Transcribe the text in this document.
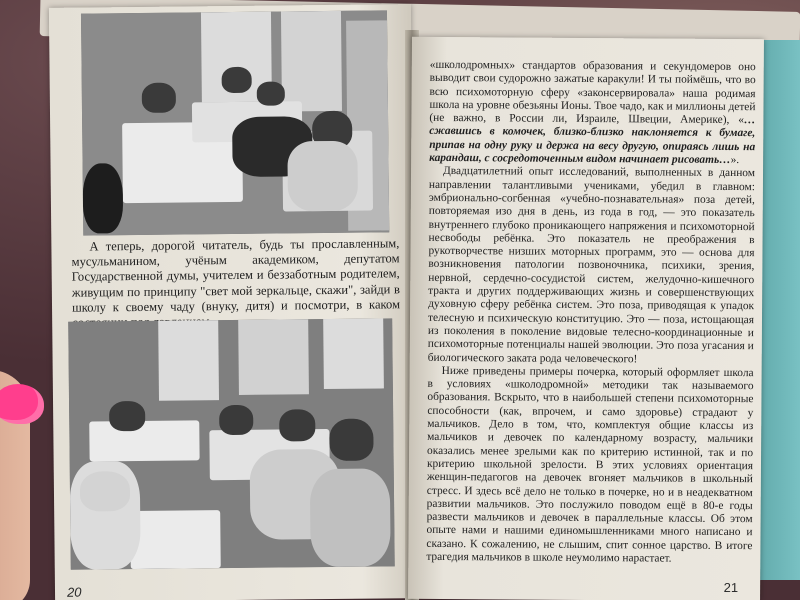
А теперь, дорогой читатель, будь ты прославленным, мусульманином, учёным академиком, депутатом Государственной думы, учителем и беззаботным родителем, живущим по принципу "свет мой зеркальце, скажи", зайди в школу к своему чаду (внуку, дитя) и посмотри, в каком

20

«школодромных» стандартов образования и секундомеров оно выводит свои судорожно зажатые каракули! И ты поймёшь, что во всю психомоторную сферу «законсервировала» наша родимая школа на уровне обезьяны Ионы. Твое чадо, как и миллионы детей (не важно, в России ли, Израиле, Швеции, Америке), «…сжавшись в комочек, близко-близко наклоняется к бумаге, припав на одну руку и держа на весу другую, опираясь лишь на карандаш, с сосредоточенным видом начинает рисовать…».

Двадцатилетний опыт исследований, выполненных в данном направлении талантливыми учениками, убедил в главном: эмбрионально-согбенная «учебно-познавательная» поза детей, повторяемая изо дня в день, из года в год, — это показатель внутреннего глубоко проникающего напряжения и психомоторной несвободы ребёнка. Это показатель не преображения в рукотворчестве низших моторных программ, это — основа для возникновения патологии позвоночника, психики, зрения, нервной, сердечно-сосудистой систем, желудочно-кишечного тракта и других поддерживающих жизнь и совершенствующих духовную сферу ребёнка систем. Это поза, приводящая к упадок телесную и психическую конституцию. Это — поза, истощающая из поколения в поколение видовые телесно-координационные и психомоторные потенциалы нашей эволюции. Это поза угасания и биологического заката рода человеческого!

Ниже приведены примеры почерка, который оформляет школа в условиях «школодромной» методики так называемого образования. Вскрыто, что в наибольшей степени психомоторные способности (как, впрочем, и само здоровье) страдают у мальчиков. Дело в том, что, комплектуя общие классы из мальчиков и девочек по календарному возрасту, мальчики оказались менее зрелыми как по критерию истинной, так и по критерию школьной зрелости. В этих условиях ориентация женщин-педагогов на девочек вгоняет мальчиков в школьный стресс. И здесь всё дело не только в почерке, но и в неадекватном развитии мальчиков. Это послужило поводом ещё в 80-е годы развести мальчиков и девочек в параллельные классы. Об этом опыте нами и нашими единомышленниками много написано и сказано. К сожалению, не слышим, спит сонное царство. В итоге трагедия мальчиков в школе неумолимо нарастает.

21
